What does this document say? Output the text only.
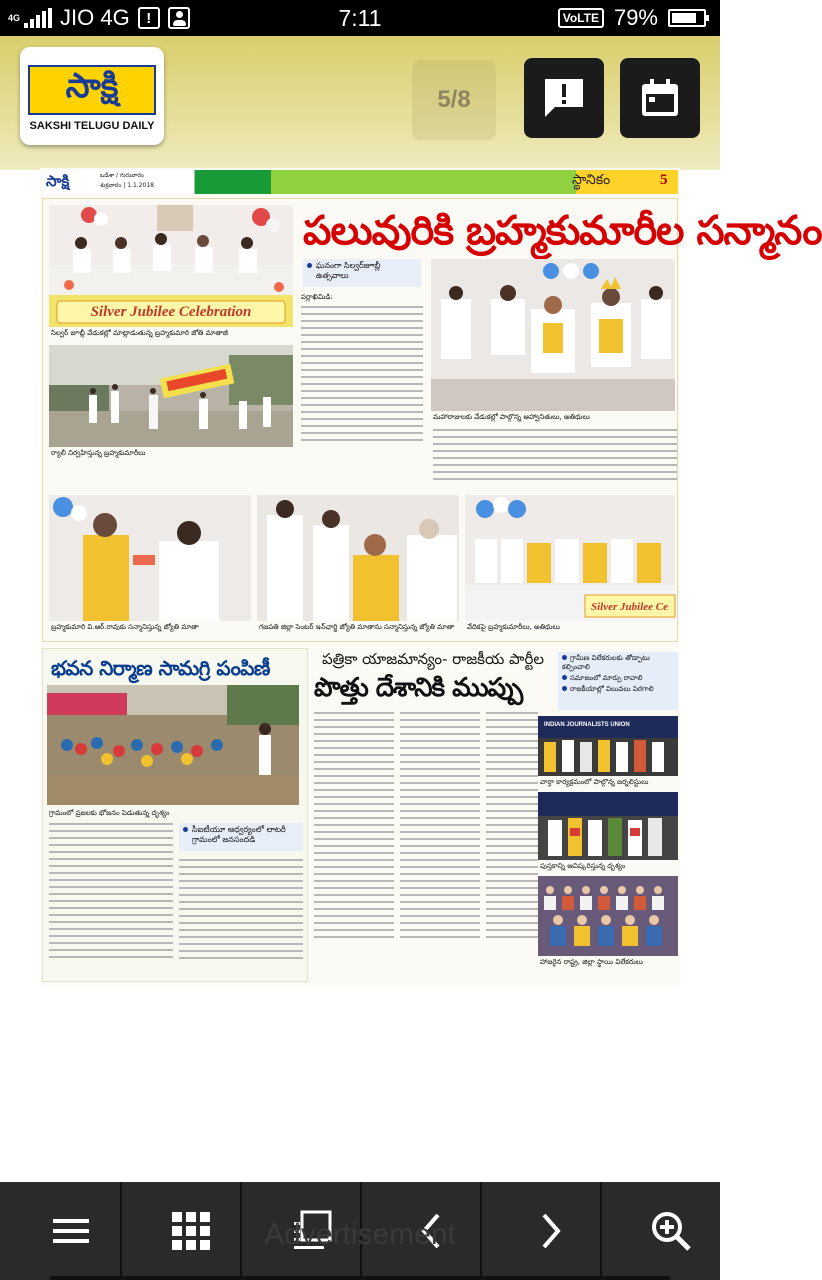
4G JIO 4G	!	7:11	VoLTE 79%
సాక్షి
SAKSHI TELUGU DAILY
5/8
సాక్షి	ఒడిశా / గురువారం
శుక్రవారం | 1.1.2018	స్థానికం	5
పలువురికి బ్రహ్మకుమారీల సన్మానం
Silver Jubilee Celebration
సిల్వర్ జూబ్లీ వేడుకల్లో మాట్లాడుతున్న బ్రహ్మకుమారి జోతి మాతాజీ
ర్యాలీ నిర్వహిస్తున్న బ్రహ్మకుమారీలు
ఘనంగా సిల్వర్‌జూబ్లీ
ఉత్సవాలు
పర్లాఖిమిడి:
మహారాజులకు వేడుకల్లో పాల్గొన్న ఆహ్వానితులు, అతిథులు
బ్రహ్మకుమారి వి.ఆర్.రావుకు సన్మానిస్తున్న జ్యోతి మాతా	గజపతి జిల్లా సెంటర్ ఇన్‌ఛార్జి జ్యోతి మాతాను సన్మానిస్తున్న జ్యోతి మాతా
Silver Jubilee Ce
వేదికపై బ్రహ్మకుమారీలు, అతిథులు
భవన నిర్మాణ సామగ్రి పంపిణీ
గ్రామంలో ప్రజలకు భోజనం పెడుతున్న దృశ్యం
సీఐటీయూ ఆధ్వర్యంలో లాటరీ
గ్రామంలో జనసందడి
పత్రికా యాజమాన్యం- రాజకీయ పార్టీల
పొత్తు దేశానికి ముప్పు
గ్రామీణ విలేకరులకు తోడ్పాటు కల్పించాలి
సమాజంలో మార్పు రావాలి
రాజకీయాల్లో విలువలు పెరగాలి
INDIAN JOURNALISTS UNION
వార్తా కార్యక్రమంలో పాల్గొన్న జర్నలిస్టులు
పుస్తకాన్ని ఆవిష్కరిస్తున్న దృశ్యం
హాజరైన రాష్ట్ర, జిల్లా స్థాయి విలేకరులు
Advertisement
